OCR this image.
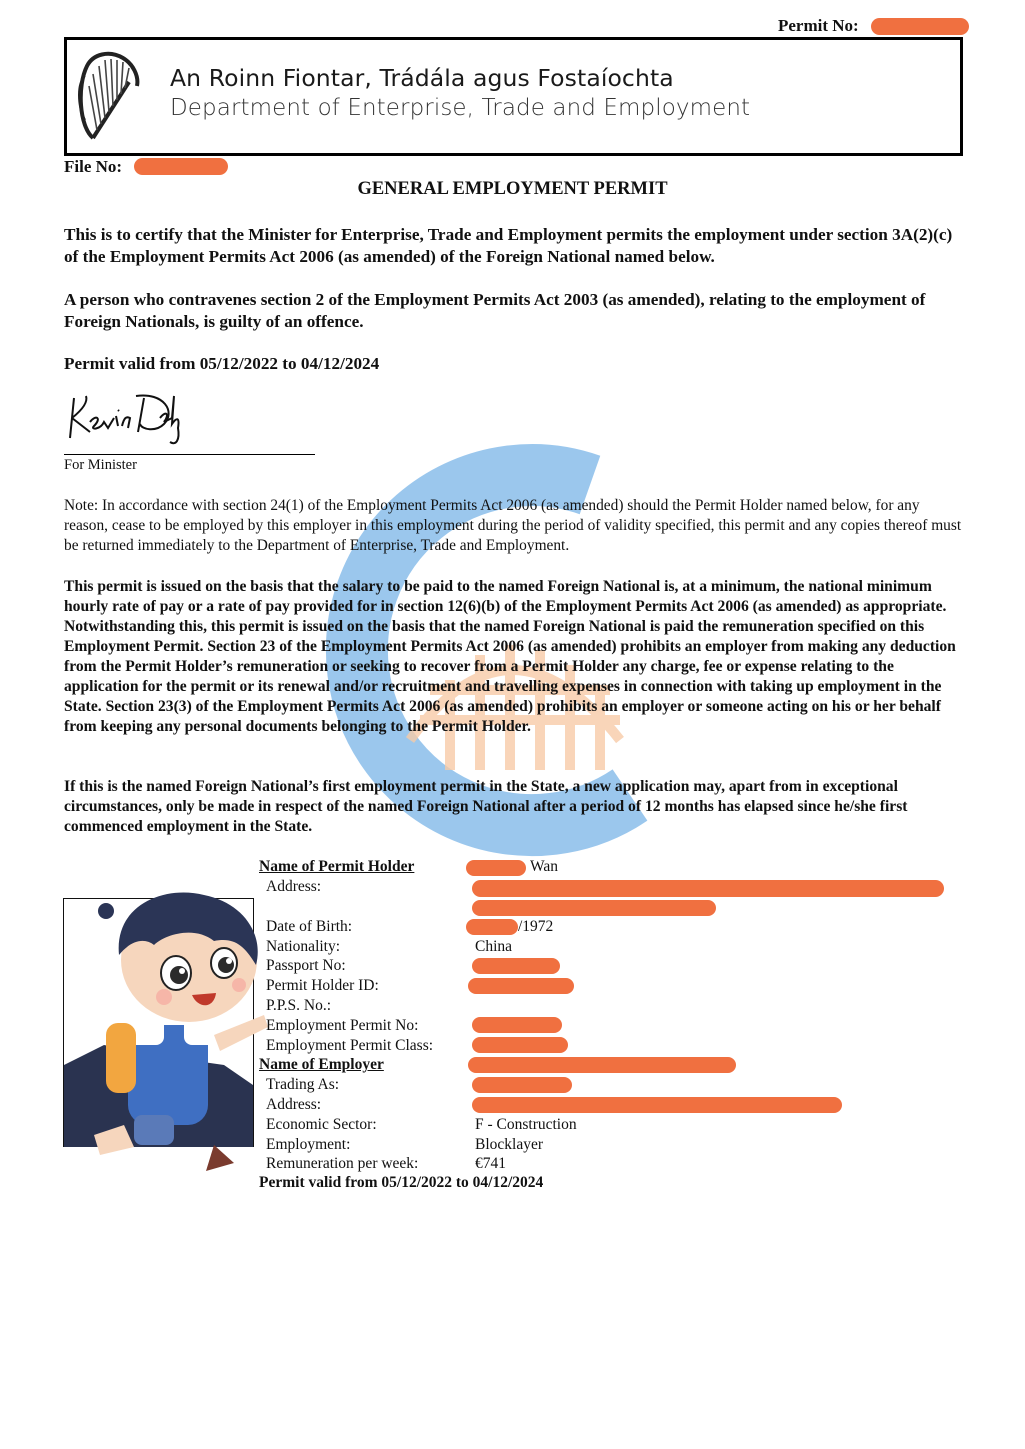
Permit No:
An Roinn Fiontar, Trádála agus Fostaíochta
Department of Enterprise, Trade and Employment
File No:
GENERAL EMPLOYMENT PERMIT

This is to certify that the Minister for Enterprise, Trade and Employment permits the employment under section 3A(2)(c) of the Employment Permits Act 2006 (as amended) of the Foreign National named below.

A person who contravenes section 2 of the Employment Permits Act 2003 (as amended), relating to the employment of Foreign Nationals, is guilty of an offence.

Permit valid from 05/12/2022 to 04/12/2024
For Minister

Note: In accordance with section 24(1) of the Employment Permits Act 2006 (as amended) should the Permit Holder named below, for any reason, cease to be employed by this employer in this employment during the period of validity specified, this permit and any copies thereof must be returned immediately to the Department of Enterprise, Trade and Employment.

This permit is issued on the basis that the salary to be paid to the named Foreign National is, at a minimum, the national minimum hourly rate of pay or a rate of pay provided for in section 12(6)(b) of the Employment Permits Act 2006 (as amended) as appropriate. Notwithstanding this, this permit is issued on the basis that the named Foreign National is paid the remuneration specified on this Employment Permit. Section 23 of the Employment Permits Act 2006 (as amended) prohibits an employer from making any deduction from the Permit Holder’s remuneration or seeking to recover from a Permit Holder any charge, fee or expense relating to the application for the permit or its renewal and/or recruitment and travelling expenses in connection with taking up employment in the State. Section 23(3) of the Employment Permits Act 2006 (as amended) prohibits an employer or someone acting on his or her behalf from keeping any personal documents belonging to the Permit Holder.

If this is the named Foreign National’s first employment permit in the State, a new application may, apart from in exceptional circumstances, only be made in respect of the named Foreign National after a period of 12 months has elapsed since he/she first commenced employment in the State.

Name of Permit Holder	Wan
Address:
Date of Birth:	/1972
Nationality:	China
Passport No:
Permit Holder ID:
P.P.S. No.:
Employment Permit No:
Employment Permit Class:
Name of Employer
Trading As:
Address:
Economic Sector:	F - Construction
Employment:	Blocklayer
Remuneration per week:	€741
Permit valid from 05/12/2022 to 04/12/2024
